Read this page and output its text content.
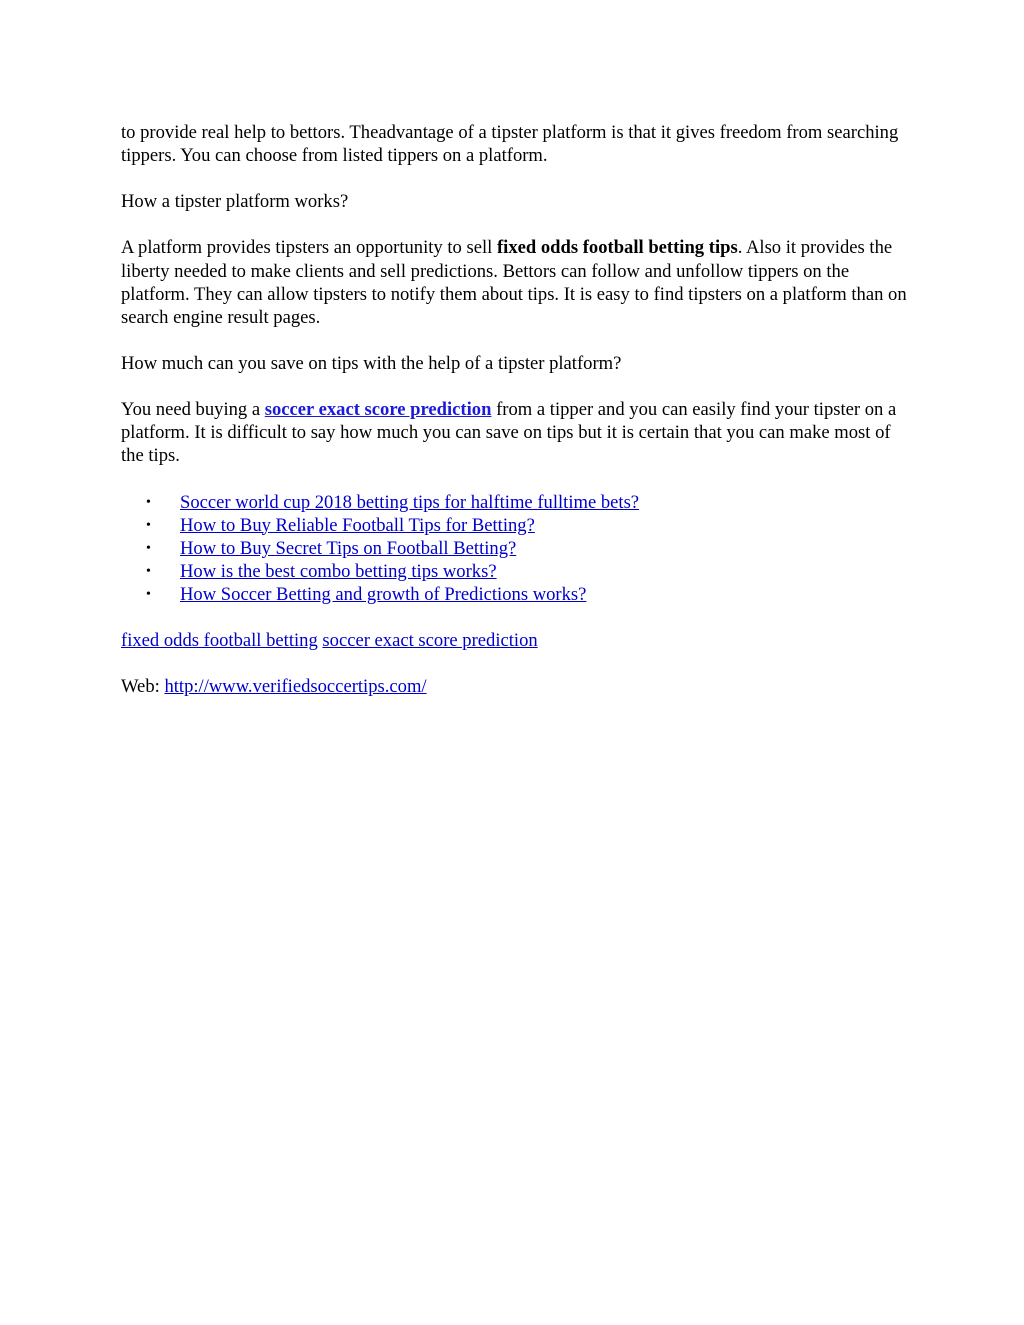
to provide real help to bettors. Theadvantage of a tipster platform is that it gives freedom from searching tippers. You can choose from listed tippers on a platform.

How a tipster platform works?

A platform provides tipsters an opportunity to sell fixed odds football betting tips. Also it provides the liberty needed to make clients and sell predictions. Bettors can follow and unfollow tippers on the platform. They can allow tipsters to notify them about tips. It is easy to find tipsters on a platform than on search engine result pages.

How much can you save on tips with the help of a tipster platform?

You need buying a soccer exact score prediction from a tipper and you can easily find your tipster on a platform. It is difficult to say how much you can save on tips but it is certain that you can make most of the tips.

• Soccer world cup 2018 betting tips for halftime fulltime bets?
• How to Buy Reliable Football Tips for Betting?
• How to Buy Secret Tips on Football Betting?
• How is the best combo betting tips works?
• How Soccer Betting and growth of Predictions works?

fixed odds football betting soccer exact score prediction

Web: http://www.verifiedsoccertips.com/
